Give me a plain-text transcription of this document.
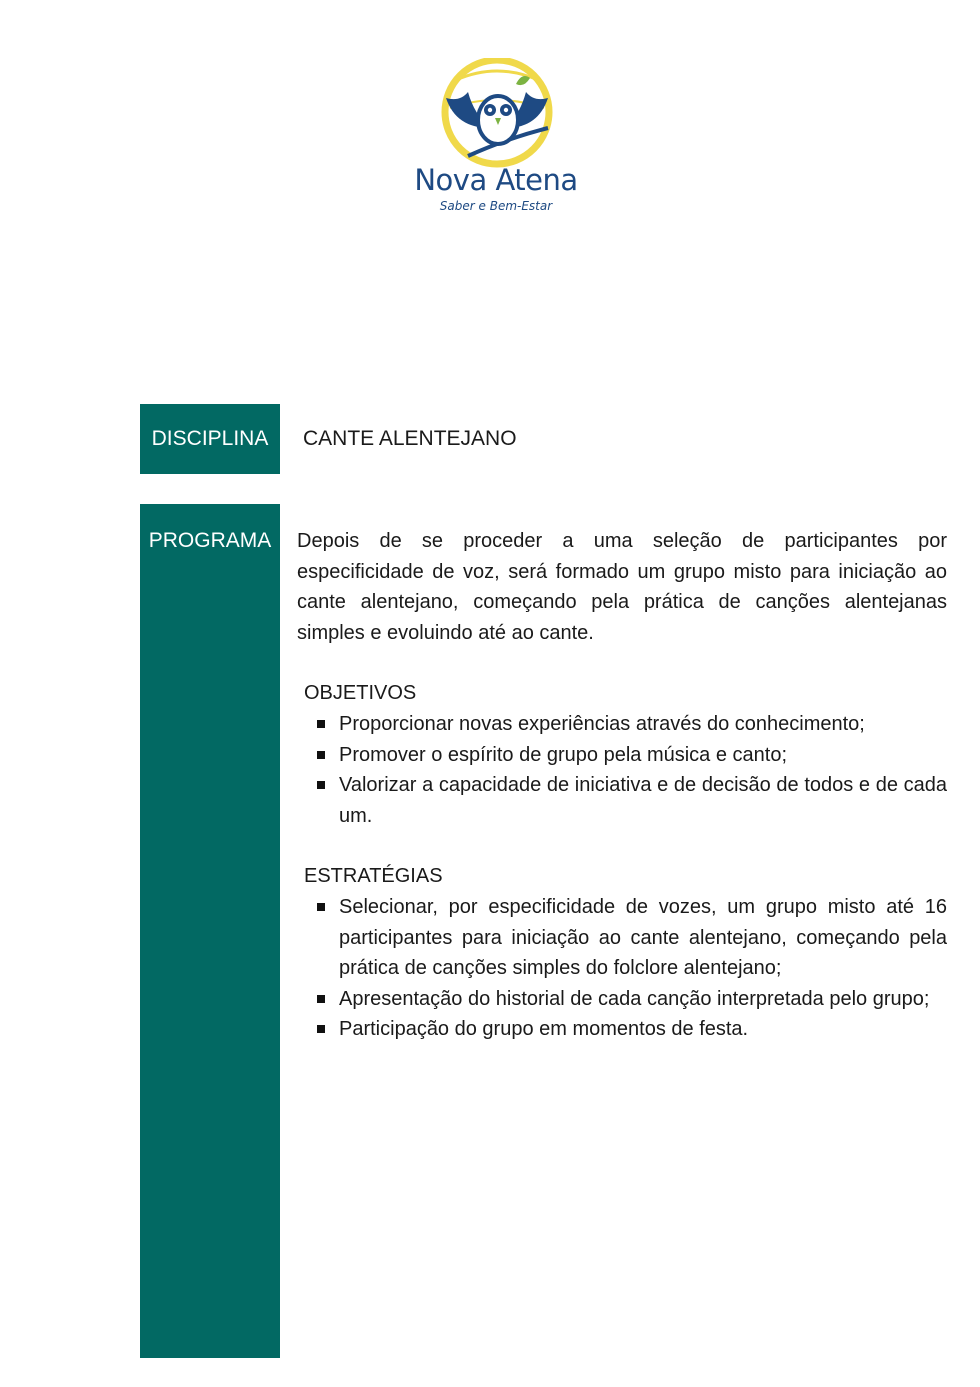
Nova Atena
Saber e Bem-Estar
DISCIPLINA	CANTE ALENTEJANO
PROGRAMA	Depois de se proceder a uma seleção de participantes por especificidade de voz, será formado um grupo misto para iniciação ao cante alentejano, começando pela prática de canções alentejanas simples e evoluindo até ao cante.

OBJETIVOS
Proporcionar novas experiências através do conhecimento;
Promover o espírito de grupo pela música e canto;
Valorizar a capacidade de iniciativa e de decisão de todos e de cada um.
ESTRATÉGIAS
Selecionar, por especificidade de vozes, um grupo misto até 16 participantes para iniciação ao cante alentejano, começando pela prática de canções simples do folclore alentejano;
Apresentação do historial de cada canção interpretada pelo grupo;
Participação do grupo em momentos de festa.
